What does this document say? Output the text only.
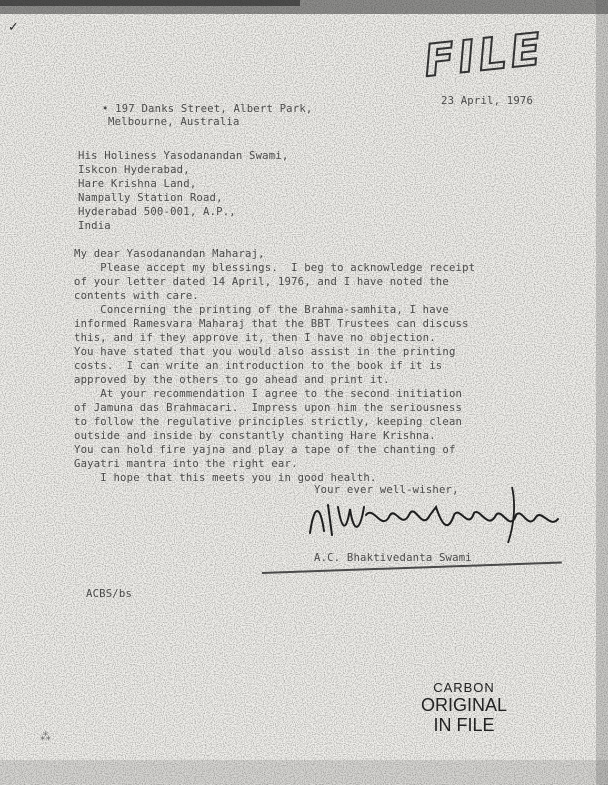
FILE
✓
• 197 Danks Street, Albert Park,
Melbourne, Australia
23 April, 1976
His Holiness Yasodanandan Swami,
Iskcon Hyderabad,
Hare Krishna Land,
Nampally Station Road,
Hyderabad 500-001, A.P.,
India
My dear Yasodanandan Maharaj,
Please accept my blessings.  I beg to acknowledge receipt
of your letter dated 14 April, 1976, and I have noted the
contents with care.
Concerning the printing of the Brahma-samhita, I have
informed Ramesvara Maharaj that the BBT Trustees can discuss
this, and if they approve it, then I have no objection.
You have stated that you would also assist in the printing
costs.  I can write an introduction to the book if it is
approved by the others to go ahead and print it.
At your recommendation I agree to the second initiation
of Jamuna das Brahmacari.  Impress upon him the seriousness
to follow the regulative principles strictly, keeping clean
outside and inside by constantly chanting Hare Krishna.
You can hold fire yajna and play a tape of the chanting of
Gayatri mantra into the right ear.
I hope that this meets you in good health.
Your ever well-wisher,
A.C. Bhaktivedanta Swami
ACBS/bs
CARBON
ORIGINAL
IN FILE
⁂
